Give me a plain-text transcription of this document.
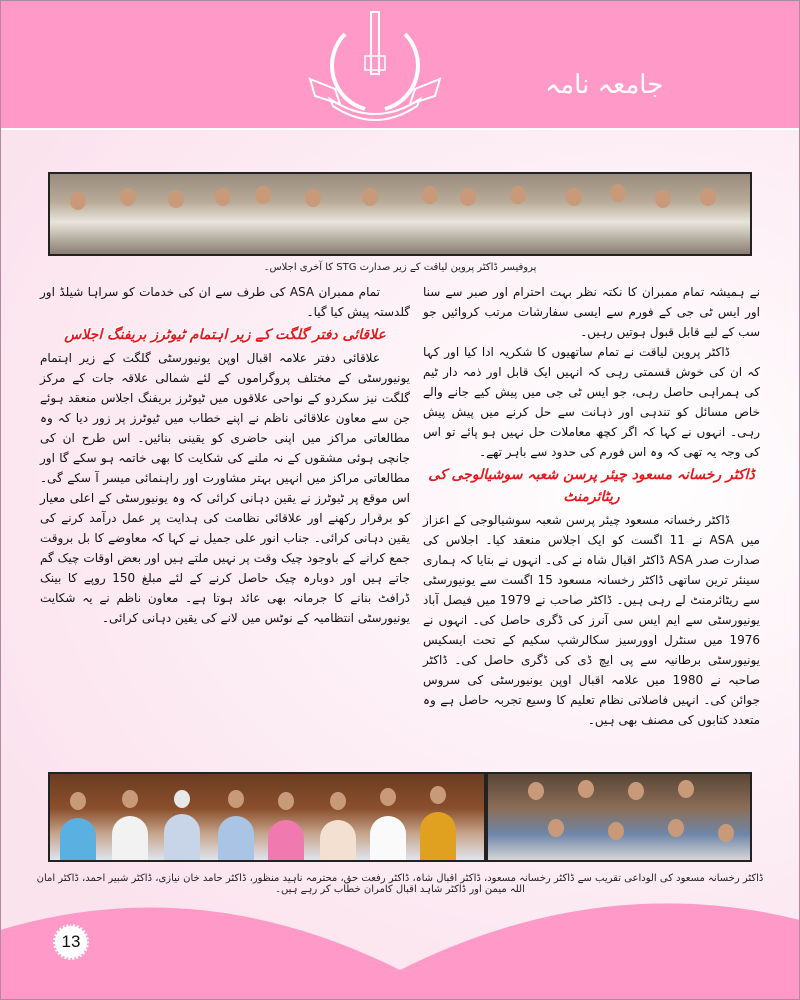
جامعہ نامہ
پروفیسر ڈاکٹر پروین لیاقت کے زیر صدارت STG کا آخری اجلاس۔

نے ہمیشہ تمام ممبران کا نکتہ نظر بہت احترام اور صبر سے سنا اور ایس ٹی جی کے فورم سے ایسی سفارشات مرتب کروائیں جو سب کے لیے قابل قبول ہوتیں رہیں۔

ڈاکٹر پروین لیاقت نے تمام ساتھیوں کا شکریہ ادا کیا اور کہا کہ ان کی خوش قسمتی رہی کہ انہیں ایک قابل اور ذمہ دار ٹیم کی ہمراہی حاصل رہی، جو ایس ٹی جی میں پیش کیے جانے والے خاص مسائل کو تندہی اور ذہانت سے حل کرنے میں پیش پیش رہی۔ انہوں نے کہا کہ اگر کچھ معاملات حل نہیں ہو پائے تو اس کی وجہ یہ تھی کہ وہ اس فورم کی حدود سے باہر تھے۔

ڈاکٹر رخسانہ مسعود چیئر پرسن شعبہ سوشیالوجی کی ریٹائرمنٹ

ڈاکٹر رخسانہ مسعود چیئر پرسن شعبہ سوشیالوجی کے اعزاز میں ASA نے 11 اگست کو ایک اجلاس منعقد کیا۔ اجلاس کی صدارت صدر ASA ڈاکٹر اقبال شاہ نے کی۔ انہوں نے بتایا کہ ہماری سینئر ترین ساتھی ڈاکٹر رخسانہ مسعود 15 اگست سے یونیورسٹی سے ریٹائرمنٹ لے رہی ہیں۔ ڈاکٹر صاحب نے 1979 میں فیصل آباد یونیورسٹی سے ایم ایس سی آنرز کی ڈگری حاصل کی۔ انہوں نے 1976 میں سنٹرل اوورسیز سکالرشپ سکیم کے تحت ایسکیس یونیورسٹی برطانیہ سے پی ایچ ڈی کی ڈگری حاصل کی۔ ڈاکٹر صاحبہ نے 1980 میں علامہ اقبال اوپن یونیورسٹی کی سروس جوائن کی۔ انہیں فاصلاتی نظام تعلیم کا وسیع تجربہ حاصل ہے وہ متعدد کتابوں کی مصنف بھی ہیں۔

تمام ممبران ASA کی طرف سے ان کی خدمات کو سراہا شیلڈ اور گلدستہ پیش کیا گیا۔

علاقائی دفتر گلگت کے زیر اہتمام ٹیوٹرز بریفنگ اجلاس

علاقائی دفتر علامہ اقبال اوپن یونیورسٹی گلگت کے زیر اہتمام یونیورسٹی کے مختلف پروگراموں کے لئے شمالی علاقہ جات کے مرکز گلگت نیز سکردو کے نواحی علاقوں میں ٹیوٹرز بریفنگ اجلاس منعقد ہوئے جن سے معاون علاقائی ناظم نے اپنے خطاب میں ٹیوٹرز پر زور دیا کہ وہ مطالعاتی مراکز میں اپنی حاضری کو یقینی بنائیں۔ اس طرح ان کی جانچی ہوئی مشقوں کے نہ ملنے کی شکایت کا بھی خاتمہ ہو سکے گا اور مطالعاتی مراکز میں انہیں بہتر مشاورت اور راہنمائی میسر آ سکے گی۔ اس موقع پر ٹیوٹرز نے یقین دہانی کرائی کہ وہ یونیورسٹی کے اعلی معیار کو برقرار رکھنے اور علاقائی نظامت کی ہدایت پر عمل درآمد کرنے کی یقین دہانی کرائی۔ جناب انور علی جمیل نے کہا کہ معاوضے کا بل بروقت جمع کرانے کے باوجود چیک وقت پر نہیں ملتے ہیں اور بعض اوقات چیک گم جاتے ہیں اور دوبارہ چیک حاصل کرنے کے لئے مبلغ 150 روپے کا بینک ڈرافٹ بنانے کا جرمانہ بھی عائد ہوتا ہے۔ معاون ناظم نے یہ شکایت یونیورسٹی انتظامیہ کے نوٹس میں لانے کی یقین دہانی کرائی۔

ڈاکٹر رخسانہ مسعود کی الوداعی تقریب سے ڈاکٹر رخسانہ مسعود، ڈاکٹر اقبال شاہ، ڈاکٹر رفعت حق، محترمہ ناہید منظور، ڈاکٹر حامد خان نیازی، ڈاکٹر شبیر احمد، ڈاکٹر امان اللہ میمن اور ڈاکٹر شاہد اقبال کامران خطاب کر رہے ہیں۔
13
